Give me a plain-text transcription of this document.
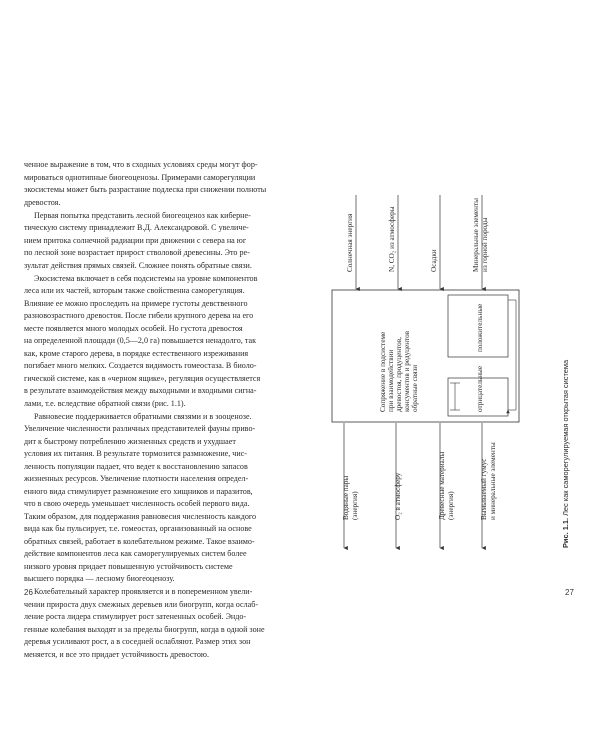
ченное выражение в том, что в сходных условиях среды могут фор-
мироваться однотипные биогеоценозы. Примерами саморегуляции
экосистемы может быть разрастание подлеска при снижении полноты
древостоя.
Первая попытка представить лесной биогеоценоз как киберне-
тическую систему принадлежит В.Д. Александровой. С увеличе-
нием притока солнечной радиации при движении с севера на юг
по лесной зоне возрастает прирост стволовой древесины. Это ре-
зультат действия прямых связей. Сложнее понять обратные связи.
Экосистема включает в себя подсистемы на уровне компонентов
леса или их частей, которым также свойственна саморегуляция.
Влияние ее можно проследить на примере густоты девственного
разновозрастного древостоя. После гибели крупного дерева на его
месте появляется много молодых особей. Но густота древостоя
на определенной площади (0,5—2,0 га) повышается ненадолго, так
как, кроме старого дерева, в порядке естественного изреживания
погибает много мелких. Создается видимость гомеостаза. В биоло-
гической системе, как в «черном ящике», регуляция осуществляется
в результате взаимодействия между выходными и входными сигна-
лами, т.е. вследствие обратной связи (рис. 1.1).
Равновесие поддерживается обратными связями и в зооценозе.
Увеличение численности различных представителей фауны приво-
дит к быстрому потреблению жизненных средств и ухудшает
условия их питания. В результате тормозится размножение, чис-
ленность популяции падает, что ведет к восстановлению запасов
жизненных ресурсов. Увеличение плотности населения определ-
енного вида стимулирует размножение его хищников и паразитов,
что в свою очередь уменьшает численность особей первого вида.
Таким образом, для поддержания равновесия численность каждого
вида как бы пульсирует, т.е. гомеостаз, организованный на основе
обратных связей, работает в колебательном режиме. Такое взаимо-
действие компонентов леса как саморегулируемых систем более
низкого уровня придает повышенную устойчивость системе
высшего порядка — лесному биогеоценозу.
Колебательный характер проявляется и в попеременном увели-
чении прироста двух смежных деревьев или биогрупп, когда ослаб-
ление роста лидера стимулирует рост затененных особей. Эндо-
генные колебания выходят и за пределы биогрупп, когда в одной зоне
деревья усиливают рост, а в соседней ослабляют. Размер этих зон
меняется, и все это придает устойчивость древостою.
26
Солнечная энергия	N, CO₂ из атмосферы	Осадки	Минеральные элементы из горной породы
Водяные пары (энергия)	O₂ в атмосферу	Древесные материалы (энергия)	Вымываемый гумус и минеральные элементы
Сопряжение в подсистеме при взаимодействии древостоя, продуцентов, консументов и редуцентов обратные связи
положительные
отрицательные
Рис. 1.1. Лес как саморегулируемая открытая система
27
